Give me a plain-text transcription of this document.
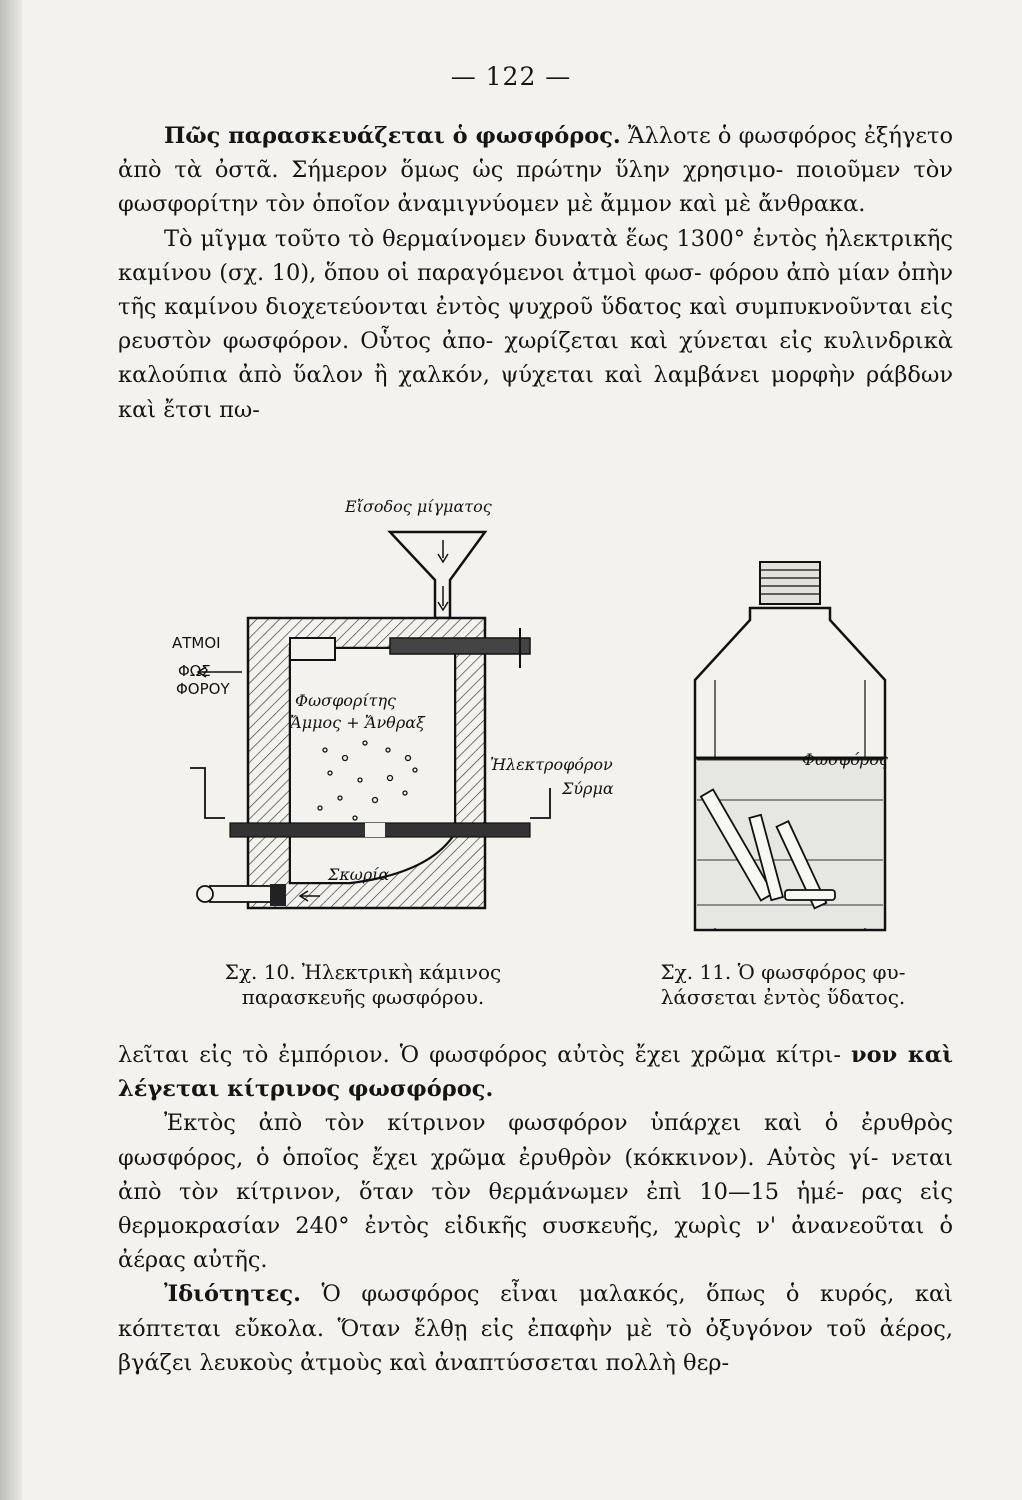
— 122 —

Πῶς παρασκευάζεται ὁ φωσφόρος. Ἄλλοτε ὁ φωσφόρος ἐξήγετο ἀπὸ τὰ ὀστᾶ. Σήμερον ὅμως ὡς πρώτην ὕλην χρησιμο- ποιοῦμεν τὸν φωσφορίτην τὸν ὁποῖον ἀναμιγνύομεν μὲ ἄμμον καὶ μὲ ἄνθρακα.

Τὸ μῖγμα τοῦτο τὸ θερμαίνομεν δυνατὰ ἕως 1300° ἐντὸς ἠλεκτρικῆς καμίνου (σχ. 10), ὅπου οἱ παραγόμενοι ἀτμοὶ φωσ- φόρου ἀπὸ μίαν ὀπὴν τῆς καμίνου διοχετεύονται ἐντὸς ψυχροῦ ὕδατος καὶ συμπυκνοῦνται εἰς ρευστὸν φωσφόρον. Οὗτος ἀπο- χωρίζεται καὶ χύνεται εἰς κυλινδρικὰ καλούπια ἀπὸ ὕαλον ἢ χαλκόν, ψύχεται καὶ λαμβάνει μορφὴν ράβδων καὶ ἔτσι πω-

Εἴσοδος μίγματος
ΑΤΜΟΙ
ΦΩΣ
ΦΟΡΟΥ
Φωσφορίτης
Ἄμμος + Ἄνθραξ
Ἠλεκτροφόρον
Σύρμα
Σκωρία
Σχ. 10. Ἠλεκτρικὴ κάμινος
παρασκευῆς φωσφόρου.
Φωσφόρος
Σχ. 11. Ὁ φωσφόρος φυ-
λάσσεται ἐντὸς ὕδατος.

λεῖται εἰς τὸ ἐμπόριον. Ὁ φωσφόρος αὐτὸς ἔχει χρῶμα κίτρι- νον καὶ λέγεται κίτρινος φωσφόρος.

Ἐκτὸς ἀπὸ τὸν κίτρινον φωσφόρον ὑπάρχει καὶ ὁ ἐρυθρὸς φωσφόρος, ὁ ὁποῖος ἔχει χρῶμα ἐρυθρὸν (κόκκινον). Αὐτὸς γί- νεται ἀπὸ τὸν κίτρινον, ὅταν τὸν θερμάνωμεν ἐπὶ 10—15 ἡμέ- ρας εἰς θερμοκρασίαν 240° ἐντὸς εἰδικῆς συσκευῆς, χωρὶς ν' ἀνανεοῦται ὁ ἀέρας αὐτῆς.

Ἰδιότητες. Ὁ φωσφόρος εἶναι μαλακός, ὅπως ὁ κυρός, καὶ κόπτεται εὔκολα. Ὅταν ἔλθῃ εἰς ἐπαφὴν μὲ τὸ ὀξυγόνον τοῦ ἀέρος, βγάζει λευκοὺς ἀτμοὺς καὶ ἀναπτύσσεται πολλὴ θερ-
